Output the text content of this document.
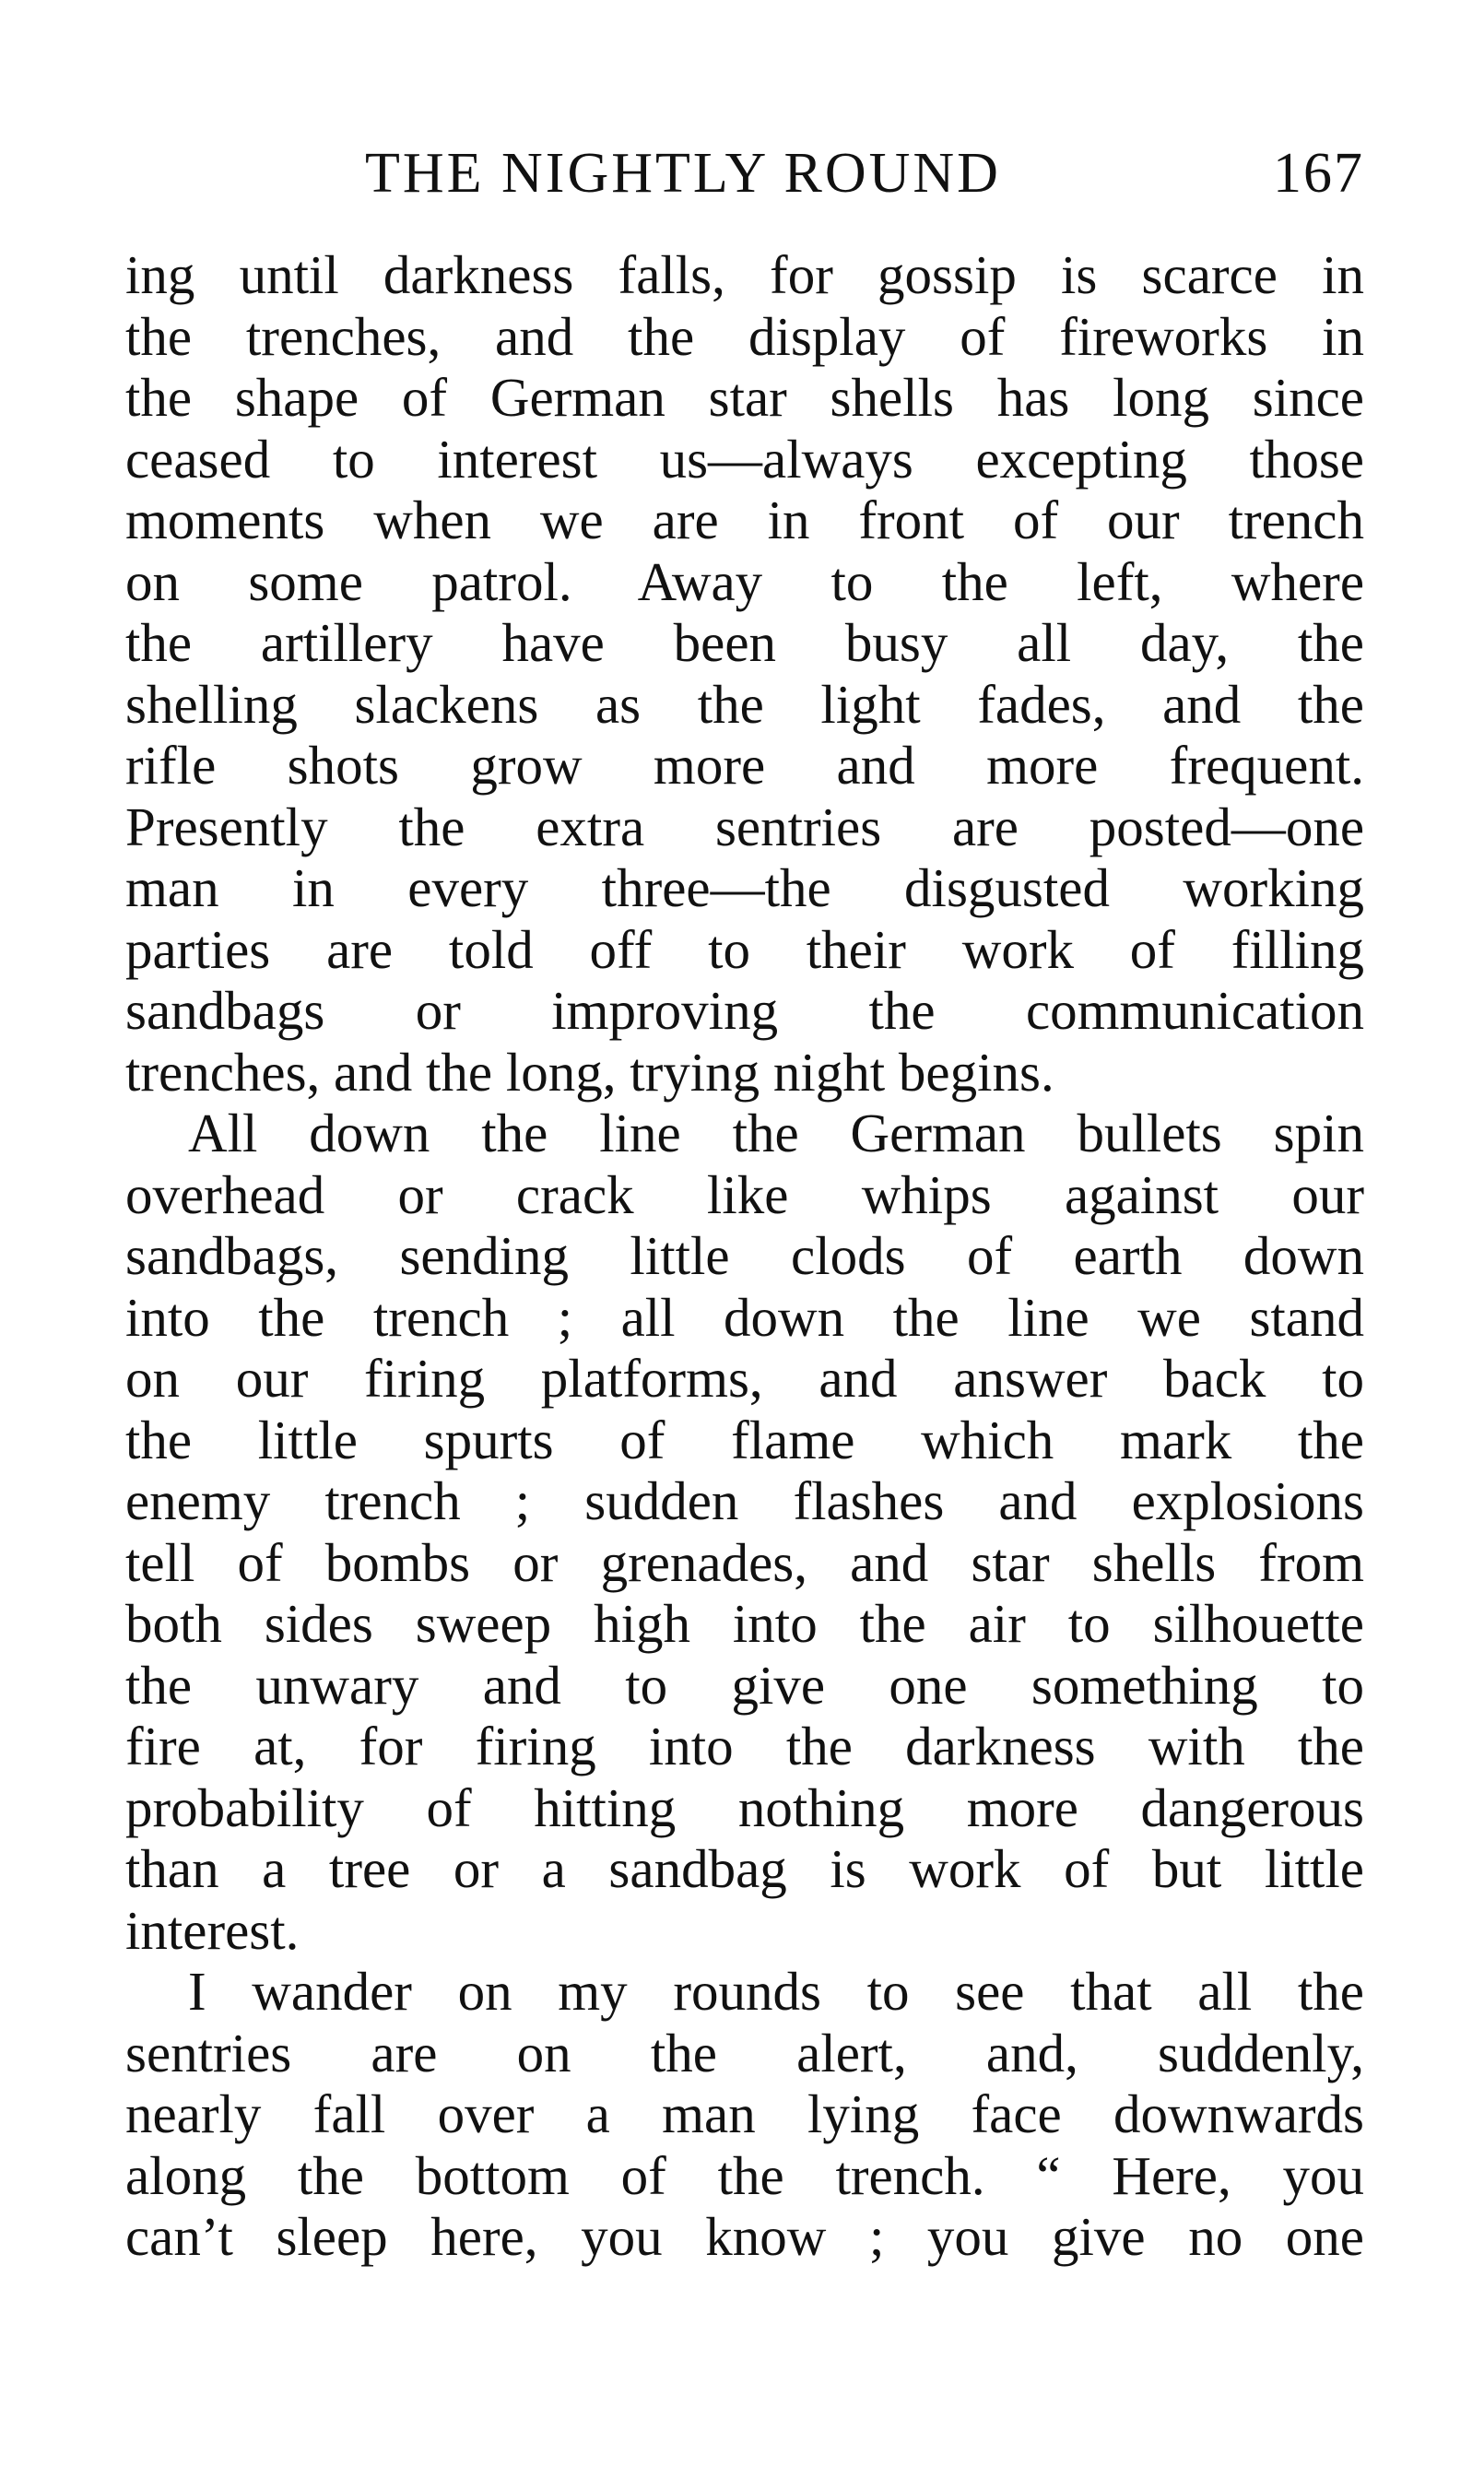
THE NIGHTLY ROUND	167
ing until darkness falls, for gossip is scarce in
the trenches, and the display of fireworks in
the shape of German star shells has long since
ceased to interest us—always excepting those
moments when we are in front of our trench
on some patrol. Away to the left, where
the artillery have been busy all day, the
shelling slackens as the light fades, and the
rifle shots grow more and more frequent.
Presently the extra sentries are posted—one
man in every three—the disgusted working
parties are told off to their work of filling
sandbags or improving the communication
trenches, and the long, trying night begins.
All down the line the German bullets spin
overhead or crack like whips against our
sandbags, sending little clods of earth down
into the trench ; all down the line we stand
on our firing platforms, and answer back to
the little spurts of flame which mark the
enemy trench ; sudden flashes and explosions
tell of bombs or grenades, and star shells from
both sides sweep high into the air to silhouette
the unwary and to give one something to
fire at, for firing into the darkness with the
probability of hitting nothing more dangerous
than a tree or a sandbag is work of but little
interest.
I wander on my rounds to see that all the
sentries are on the alert, and, suddenly,
nearly fall over a man lying face downwards
along the bottom of the trench. “ Here, you
can’t sleep here, you know ; you give no one
